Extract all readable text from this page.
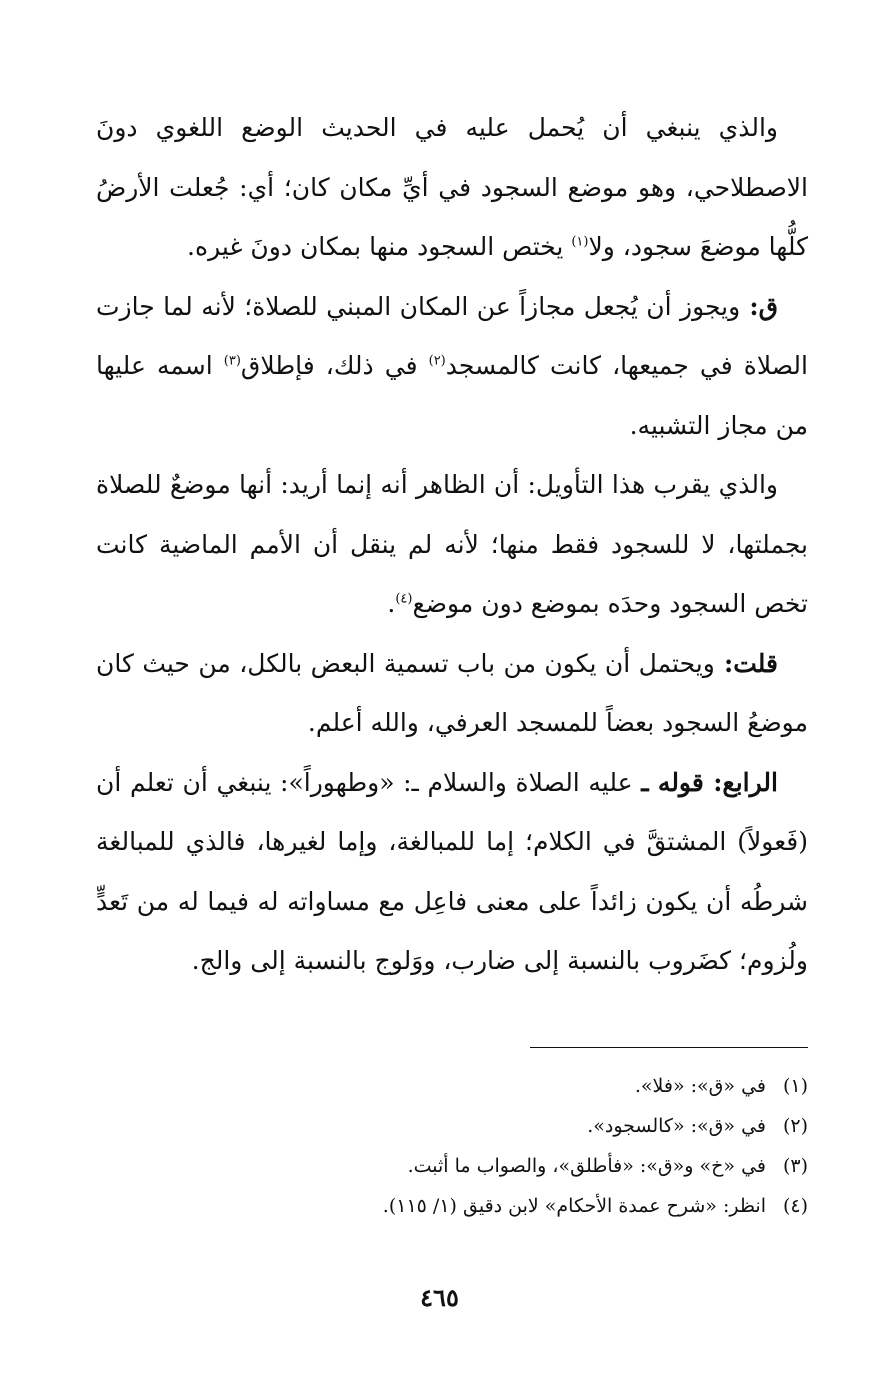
والذي ينبغي أن يُحمل عليه في الحديث الوضع اللغوي دونَ الاصطلاحي، وهو موضع السجود في أيِّ مكان كان؛ أي: جُعلت الأرضُ كلُّها موضعَ سجود، ولا$^{(١)}$ يختص السجود منها بمكان دونَ غيره.

ق: ويجوز أن يُجعل مجازاً عن المكان المبني للصلاة؛ لأنه لما جازت الصلاة في جميعها، كانت كالمسجد$^{(٢)}$ في ذلك، فإطلاق$^{(٣)}$ اسمه عليها من مجاز التشبيه.

والذي يقرب هذا التأويل: أن الظاهر أنه إنما أريد: أنها موضعٌ للصلاة بجملتها، لا للسجود فقط منها؛ لأنه لم ينقل أن الأمم الماضية كانت تخص السجود وحدَه بموضع دون موضع$^{(٤)}$.

قلت: ويحتمل أن يكون من باب تسمية البعض بالكل، من حيث كان موضعُ السجود بعضاً للمسجد العرفي، والله أعلم.

الرابع: قوله ـ عليه الصلاة والسلام ـ: «وطهوراً»: ينبغي أن تعلم أن (فَعولاً) المشتقَّ في الكلام؛ إما للمبالغة، وإما لغيرها، فالذي للمبالغة شرطُه أن يكون زائداً على معنى فاعِل مع مساواته له فيما له من تَعدٍّ ولُزوم؛ كضَروب بالنسبة إلى ضارب، ووَلوج بالنسبة إلى والج.

(١)
في «ق»: «فلا».
(٢)
في «ق»: «كالسجود».
(٣)
في «خ» و«ق»: «فأطلق»، والصواب ما أثبت.
(٤)
انظر: «شرح عمدة الأحكام» لابن دقيق (١/ ١١٥).
٤٦٥
